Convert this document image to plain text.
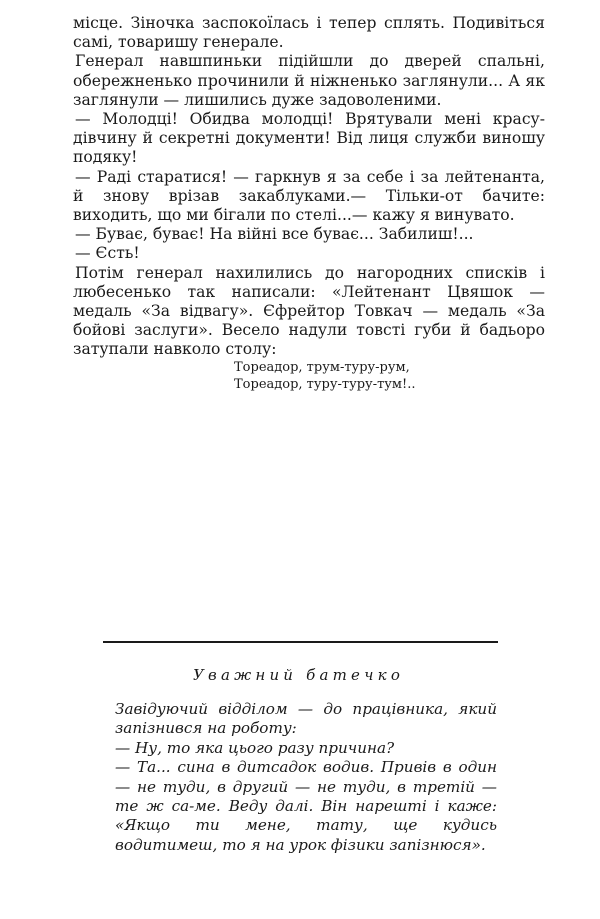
місце. Зіночка заспокоїлась і тепер сплять. Подивіться самі, товаришу генерале.

Генерал навшпиньки підійшли до дверей спальні, обережненько прочинили й ніжненько заглянули... А як заглянули — лишились дуже задоволеними.

— Молодці! Обидва молодці! Врятували мені красу-дівчину й секретні документи! Від лиця служби виношу подяку!

— Раді старатися! — гаркнув я за себе і за лейтенанта, й знову врізав закаблуками.— Тільки-от бачите: виходить, що ми бігали по стелі...— кажу я винувато.

— Буває, буває! На війні все буває... Забилиш!...

— Єсть!

Потім генерал нахилились до нагородних списків і любесенько так написали: «Лейтенант Цвяшок — медаль «За відвагу». Єфрейтор Товкач — медаль «За бойові заслуги». Весело надули товсті губи й бадьоро затупали навколо столу:

Тореадор, трум-туру-рум,
Тореадор, туру-туру-тум!..
Уважний батечко

Завідуючий відділом — до працівника, який запізнився на роботу:

— Ну, то яка цього разу причина?

— Та... сина в дитсадок водив. Привів в один — не туди, в другий — не туди, в третій — те ж са-ме. Веду далі. Він нарешті і каже: «Якщо ти мене, тату, ще кудись водитимеш, то я на урок фізики запізнюся».
